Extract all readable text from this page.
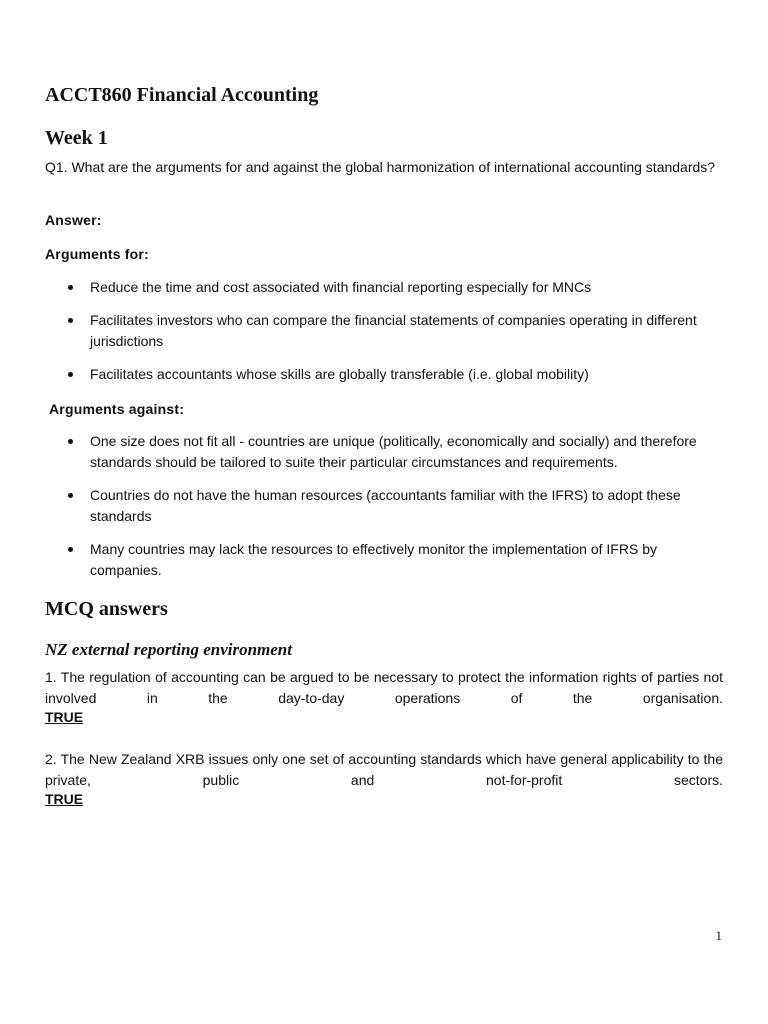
ACCT860 Financial Accounting
Week 1
Q1. What are the arguments for and against the global harmonization of international accounting standards?
Answer:
Arguments for:
Reduce the time and cost associated with financial reporting especially for MNCs
Facilitates investors who can compare the financial statements of companies operating in different jurisdictions
Facilitates accountants whose skills are globally transferable (i.e. global mobility)
Arguments against:
One size does not fit all - countries are unique (politically, economically and socially) and therefore standards should be tailored to suite their particular circumstances and requirements.
Countries do not have the human resources (accountants familiar with the IFRS) to adopt these standards
Many countries may lack the resources to effectively monitor the implementation of IFRS by companies.
MCQ answers
NZ external reporting environment
1. The regulation of accounting can be argued to be necessary to protect the information rights of parties not involved in the day-to-day operations of the organisation.
TRUE
2. The New Zealand XRB issues only one set of accounting standards which have general applicability to the private, public and not-for-profit sectors.
TRUE
1
